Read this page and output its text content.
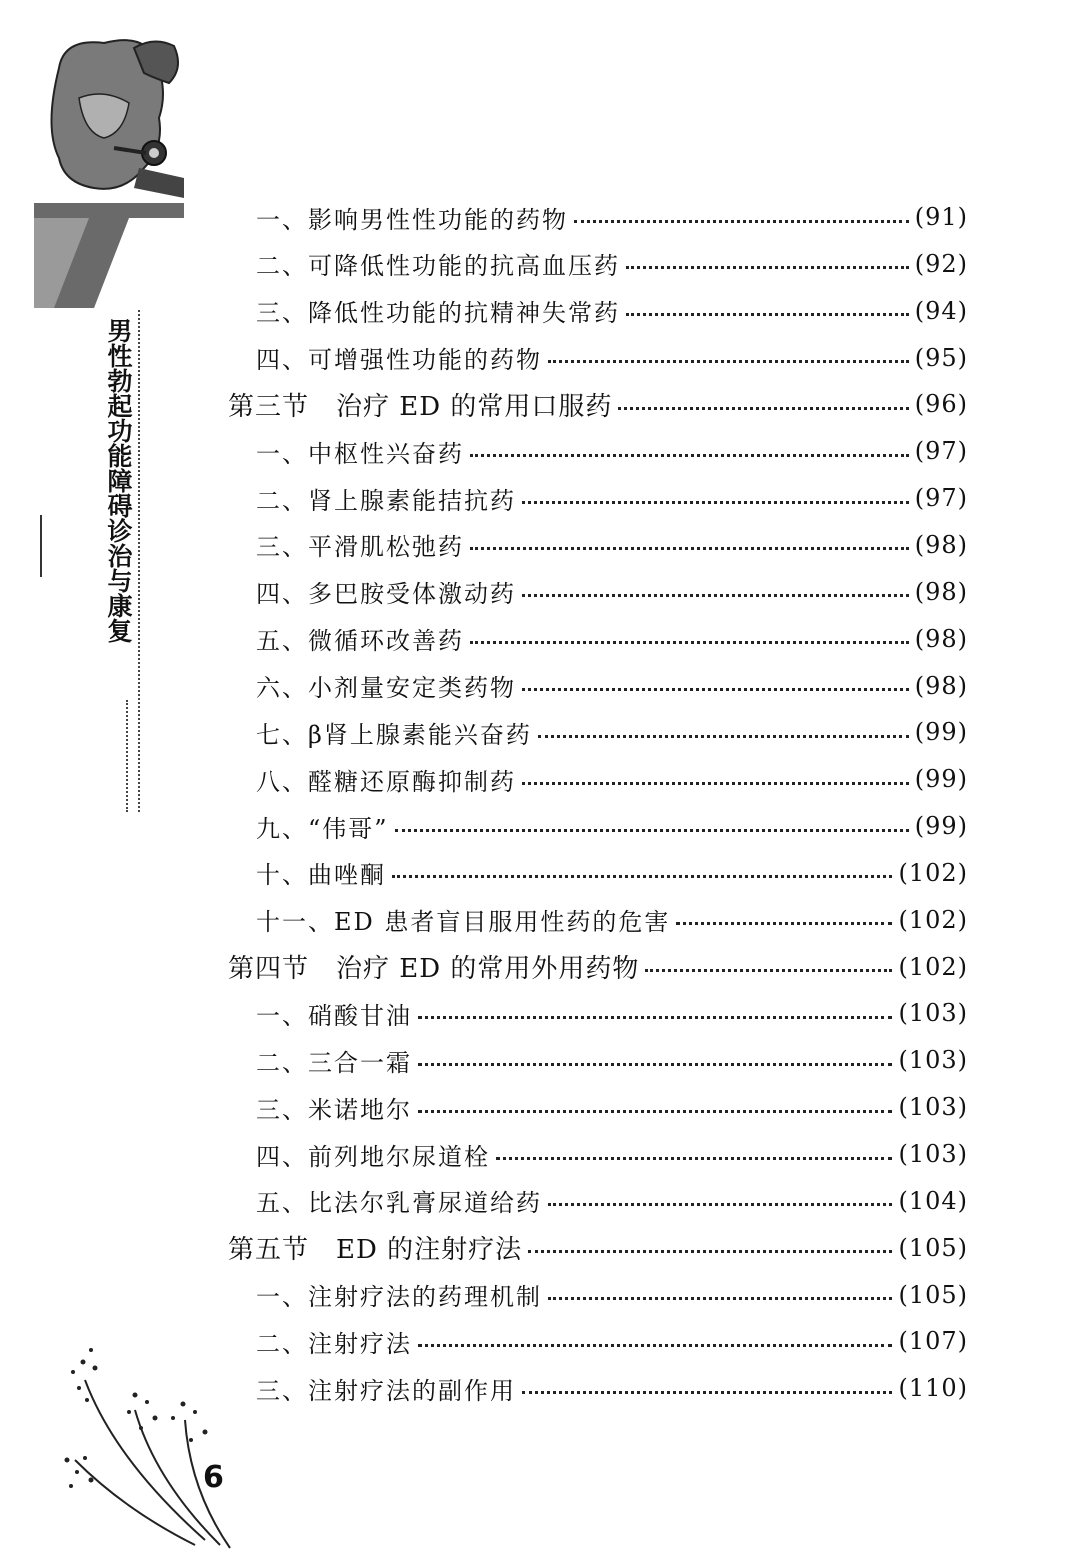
男性勃起功能障碍诊治与康复
一、影响男性性功能的药物	(91)
二、可降低性功能的抗高血压药	(92)
三、降低性功能的抗精神失常药	(94)
四、可增强性功能的药物	(95)
第三节　治疗 ED 的常用口服药	(96)
一、中枢性兴奋药	(97)
二、肾上腺素能拮抗药	(97)
三、平滑肌松弛药	(98)
四、多巴胺受体激动药	(98)
五、微循环改善药	(98)
六、小剂量安定类药物	(98)
七、β肾上腺素能兴奋药	(99)
八、醛糖还原酶抑制药	(99)
九、“伟哥”	(99)
十、曲唑酮	(102)
十一、ED 患者盲目服用性药的危害	(102)
第四节　治疗 ED 的常用外用药物	(102)
一、硝酸甘油	(103)
二、三合一霜	(103)
三、米诺地尔	(103)
四、前列地尔尿道栓	(103)
五、比法尔乳膏尿道给药	(104)
第五节　ED 的注射疗法	(105)
一、注射疗法的药理机制	(105)
二、注射疗法	(107)
三、注射疗法的副作用	(110)
6
